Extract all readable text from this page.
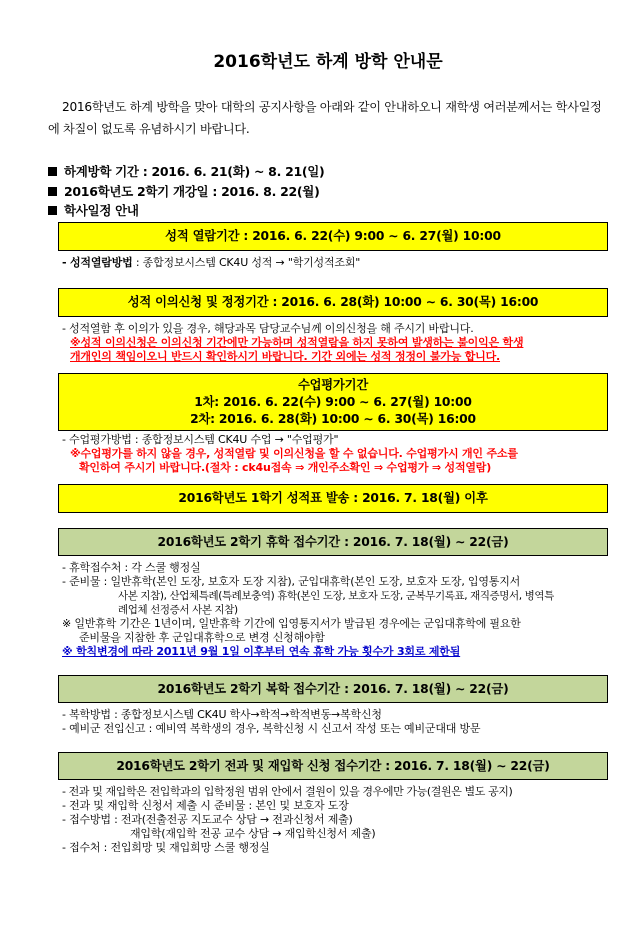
2016학년도 하계 방학 안내문

2016학년도 하계 방학을 맞아 대학의 공지사항을 아래와 같이 안내하오니 재학생 여러분께서는 학사일정에 차질이 없도록 유념하시기 바랍니다.

하계방학 기간 : 2016. 6. 21(화) ~ 8. 21(일)
2016학년도 2학기 개강일 : 2016. 8. 22(월)
학사일정 안내
성적 열람기간 : 2016. 6. 22(수) 9:00 ∼ 6. 27(월) 10:00

- 성적열람방법 : 종합정보시스템 CK4U 성적 → "학기성적조회"

성적 이의신청 및 정정기간 : 2016. 6. 28(화) 10:00 ∼ 6. 30(목) 16:00

- 성적열함 후 이의가 있을 경우, 해당과목 담당교수님께 이의신청을 해 주시기 바랍니다.

※성적 이의신청은 이의신청 기간에만 가능하며 성적열람을 하지 못하여 발생하는 불이익은 학생

개개인의 책임이오니 반드시 확인하시기 바랍니다. 기간 외에는 성적 정정이 불가능 합니다.

수업평가기간
1차: 2016. 6. 22(수) 9:00 ∼ 6. 27(월) 10:00
2차: 2016. 6. 28(화) 10:00 ∼ 6. 30(목) 16:00

- 수업평가방법 : 종합정보시스템 CK4U 수업 → "수업평가"

※수업평가를 하지 않을 경우, 성적열람 및 이의신청을 할 수 없습니다. 수업평가시 개인 주소를

확인하여 주시기 바랍니다.(절차 : ck4u접속 ⇒ 개인주소확인 ⇒ 수업평가 ⇒ 성적열람)

2016학년도 1학기 성적표 발송 : 2016. 7. 18(월) 이후
2016학년도 2학기 휴학 접수기간 : 2016. 7. 18(월) ∼ 22(금)

- 휴학접수처 : 각 스쿨 행정실

- 준비물 : 일반휴학(본인 도장, 보호자 도장 지참), 군입대휴학(본인 도장, 보호자 도장, 입영통지서

사본 지참), 산업체특례(특례보충역) 휴학(본인 도장, 보호자 도장, 군복무기록표, 재직증명서, 병역특

례업체 선정증서 사본 지참)

※ 일반휴학 기간은 1년이며, 일반휴학 기간에 입영통지서가 발급된 경우에는 군입대휴학에 필요한

준비물을 지참한 후 군입대휴학으로 변경 신청해야함

※ 학칙변경에 따라 2011년 9월 1일 이후부터 연속 휴학 가능 횟수가 3회로 제한됨

2016학년도 2학기 복학 접수기간 : 2016. 7. 18(월) ∼ 22(금)

- 복학방법 : 종합정보시스템 CK4U 학사→학적→학적변동→복학신청

- 예비군 전입신고 : 예비역 복학생의 경우, 복학신청 시 신고서 작성 또는 예비군대대 방문

2016학년도 2학기 전과 및 재입학 신청 접수기간 : 2016. 7. 18(월) ∼ 22(금)

- 전과 및 재입학은 전입학과의 입학정원 범위 안에서 결원이 있을 경우에만 가능(결원은 별도 공지)

- 전과 및 재입학 신청서 제출 시 준비물 : 본인 및 보호자 도장

- 접수방법 : 전과(전출전공 지도교수 상담 → 전과신청서 제출)

재입학(재입학 전공 교수 상담 → 재입학신청서 제출)

- 접수처 : 전입희망 및 재입희망 스쿨 행정실
